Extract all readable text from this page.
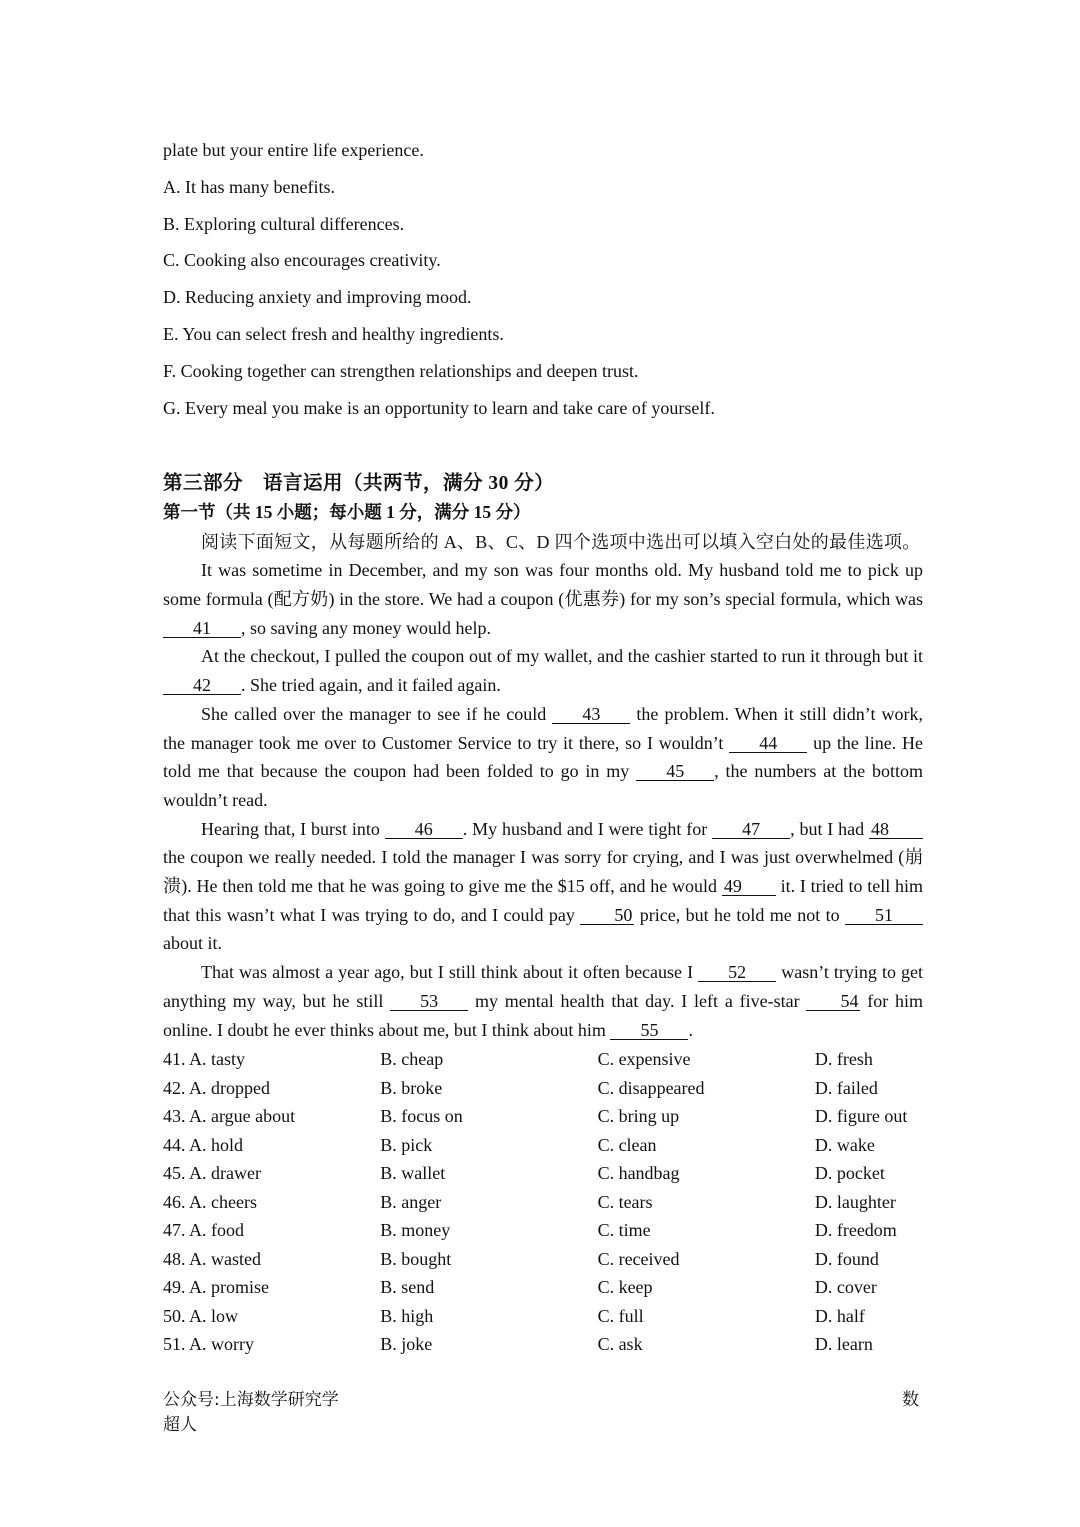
plate but your entire life experience.
A. It has many benefits.
B. Exploring cultural differences.
C. Cooking also encourages creativity.
D. Reducing anxiety and improving mood.
E. You can select fresh and healthy ingredients.
F. Cooking together can strengthen relationships and deepen trust.
G. Every meal you make is an opportunity to learn and take care of yourself.
第三部分　语言运用（共两节，满分 30 分）
第一节（共 15 小题；每小题 1 分，满分 15 分）

阅读下面短文，从每题所给的 A、B、C、D 四个选项中选出可以填入空白处的最佳选项。

It was sometime in December, and my son was four months old. My husband told me to pick up some formula (配方奶) in the store. We had a coupon (优惠券) for my son’s special formula, which was 41 , so saving any money would help.

At the checkout, I pulled the coupon out of my wallet, and the cashier started to run it through but it 42 . She tried again, and it failed again.

She called over the manager to see if he could 43 the problem. When it still didn’t work, the manager took me over to Customer Service to try it there, so I wouldn’t 44 up the line. He told me that because the coupon had been folded to go in my 45 , the numbers at the bottom wouldn’t read.

Hearing that, I burst into 46 . My husband and I were tight for 47 , but I had 48 the coupon we really needed. I told the manager I was sorry for crying, and I was just overwhelmed (崩溃). He then told me that he was going to give me the $15 off, and he would 49 it. I tried to tell him that this wasn’t what I was trying to do, and I could pay 50 price, but he told me not to 51 about it.

That was almost a year ago, but I still think about it often because I 52 wasn’t trying to get anything my way, but he still 53 my mental health that day. I left a five-star 54 for him online. I doubt he ever thinks about me, but I think about him 55 .

41. A. tasty	B. cheap	C. expensive	D. fresh
42. A. dropped	B. broke	C. disappeared	D. failed
43. A. argue about	B. focus on	C. bring up	D. figure out
44. A. hold	B. pick	C. clean	D. wake
45. A. drawer	B. wallet	C. handbag	D. pocket
46. A. cheers	B. anger	C. tears	D. laughter
47. A. food	B. money	C. time	D. freedom
48. A. wasted	B. bought	C. received	D. found
49. A. promise	B. send	C. keep	D. cover
50. A. low	B. high	C. full	D. half
51. A. worry	B. joke	C. ask	D. learn
公众号:上海数学研究学超人
数
